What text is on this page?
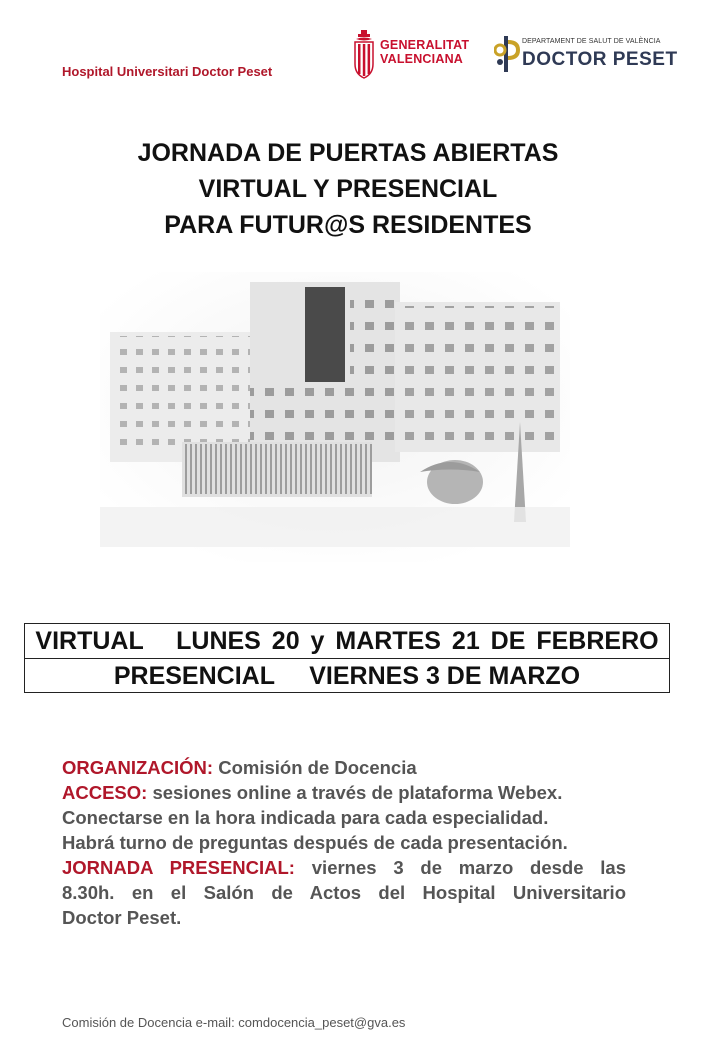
Hospital Universitari Doctor Peset
GENERALITAT
VALENCIANA
DEPARTAMENT DE SALUT DE VALÈNCIA
DOCTOR PESET
JORNADA DE PUERTAS ABIERTAS
VIRTUAL Y PRESENCIAL
PARA FUTUR@S RESIDENTES
VIRTUAL   LUNES 20 y MARTES 21 DE FEBRERO
PRESENCIAL     VIERNES 3 DE MARZO

ORGANIZACIÓN: Comisión de Docencia

ACCESO: sesiones online a través de plataforma Webex.

Conectarse en la hora indicada para cada especialidad.

Habrá turno de preguntas después de cada presentación.

JORNADA PRESENCIAL: viernes 3 de marzo desde las

8.30h. en el Salón de Actos del Hospital Universitario

Doctor Peset.

Comisión de Docencia e-mail: comdocencia_peset@gva.es
